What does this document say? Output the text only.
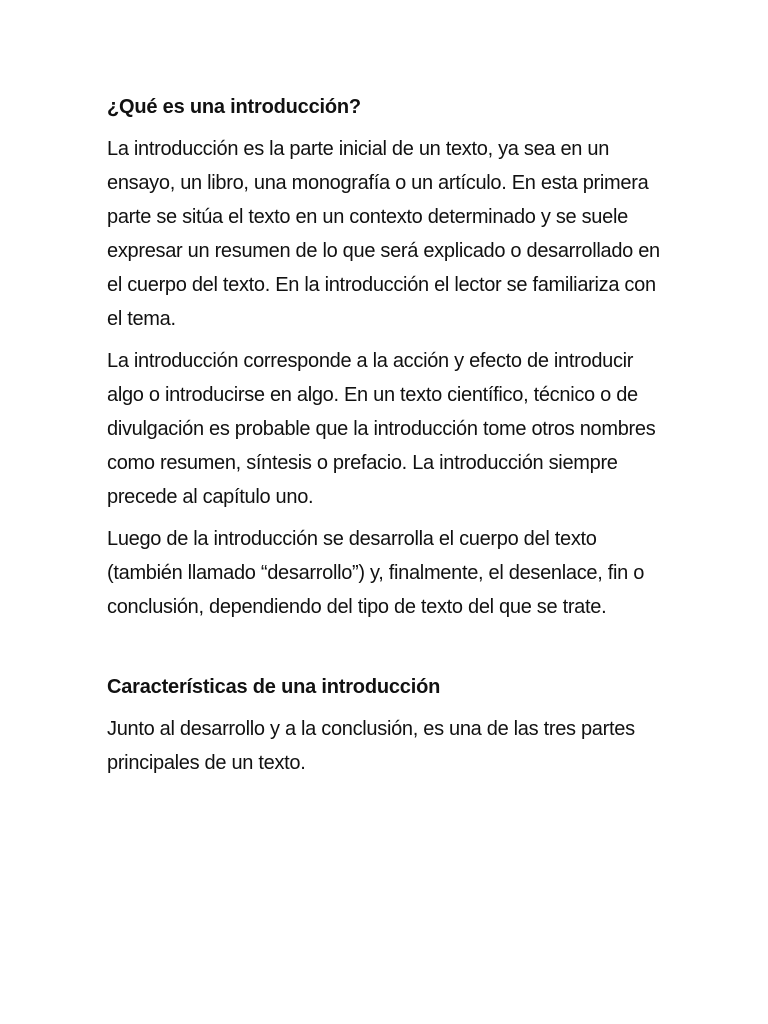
¿Qué es una introducción?

La introducción es la parte inicial de un texto, ya sea en un ensayo, un libro, una monografía o un artículo. En esta primera parte se sitúa el texto en un contexto determinado y se suele expresar un resumen de lo que será explicado o desarrollado en el cuerpo del texto. En la introducción el lector se familiariza con el tema.

La introducción corresponde a la acción y efecto de introducir algo o introducirse en algo. En un texto científico, técnico o de divulgación es probable que la introducción tome otros nombres como resumen, síntesis o prefacio. La introducción siempre precede al capítulo uno.

Luego de la introducción se desarrolla el cuerpo del texto (también llamado “desarrollo”) y, finalmente, el desenlace, fin o conclusión, dependiendo del tipo de texto del que se trate.

Características de una introducción

Junto al desarrollo y a la conclusión, es una de las tres partes principales de un texto.
